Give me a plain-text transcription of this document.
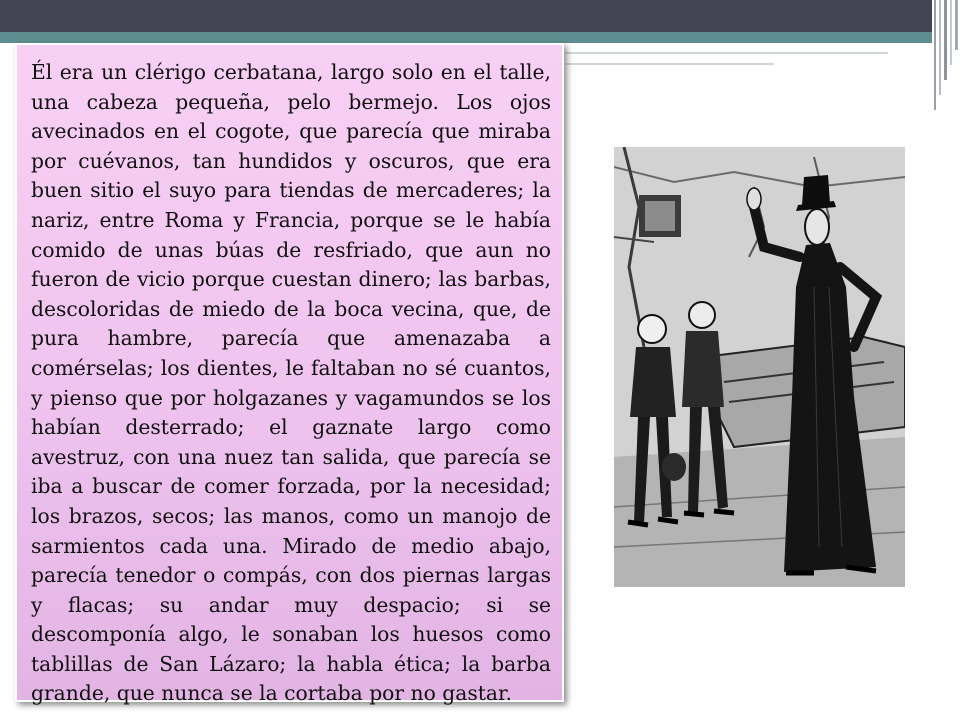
Él era un clérigo cerbatana, largo solo en el talle, una cabeza pequeña, pelo bermejo. Los ojos avecinados en el cogote, que parecía que miraba por cuévanos, tan hundidos y oscuros, que era buen sitio el suyo para tiendas de mercaderes; la nariz, entre Roma y Francia, porque se le había comido de unas búas de resfriado, que aun no fueron de vicio porque cuestan dinero; las barbas, descoloridas de miedo de la boca vecina, que, de pura hambre, parecía que amenazaba a comérselas; los dientes, le faltaban no sé cuantos, y pienso que por holgazanes y vagamundos se los habían desterrado; el gaznate largo como avestruz, con una nuez tan salida, que parecía se iba a buscar de comer forzada, por la necesidad; los brazos, secos; las manos, como un manojo de sarmientos cada una. Mirado de medio abajo, parecía tenedor o compás, con dos piernas largas y flacas; su andar muy despacio; si se descomponía algo, le sonaban los huesos como tablillas de San Lázaro; la habla ética; la barba grande, que nunca se la cortaba por no gastar.
